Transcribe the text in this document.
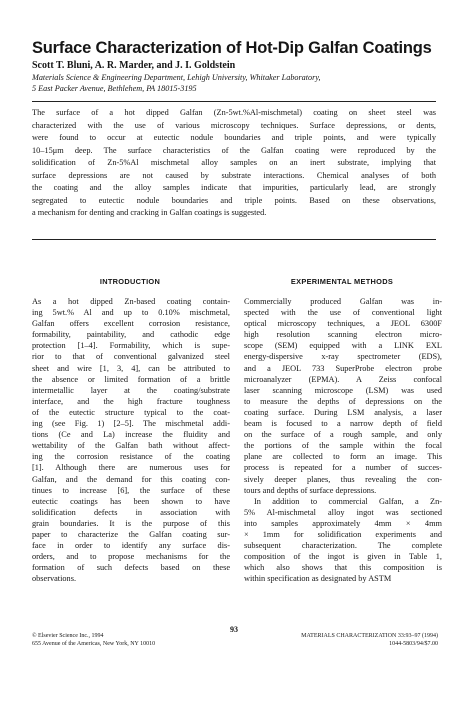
Surface Characterization of Hot-Dip Galfan Coatings
Scott T. Bluni, A. R. Marder, and J. I. Goldstein
Materials Science & Engineering Department, Lehigh University, Whitaker Laboratory,
5 East Packer Avenue, Bethlehem, PA 18015-3195
The surface of a hot dipped Galfan (Zn-5wt.%Al-mischmetal) coating on sheet steel was
characterized with the use of various microscopy techniques. Surface depressions, or dents,
were found to occur at eutectic nodule boundaries and triple points, and were typically
10–15μm deep. The surface characteristics of the Galfan coating were reproduced by the
solidification of Zn-5%Al mischmetal alloy samples on an inert substrate, implying that
surface depressions are not caused by substrate interactions. Chemical analyses of both
the coating and the alloy samples indicate that impurities, particularly lead, are strongly
segregated to eutectic nodule boundaries and triple points. Based on these observations,
a mechanism for denting and cracking in Galfan coatings is suggested.
INTRODUCTION	EXPERIMENTAL METHODS
As a hot dipped Zn-based coating contain-
ing 5wt.% Al and up to 0.10% mischmetal,
Galfan offers excellent corrosion resistance,
formability, paintability, and cathodic edge
protection [1–4]. Formability, which is supe-
rior to that of conventional galvanized steel
sheet and wire [1, 3, 4], can be attributed to
the absence or limited formation of a brittle
intermetallic layer at the coating/substrate
interface, and the high fracture toughness
of the eutectic structure typical to the coat-
ing (see Fig. 1) [2–5]. The mischmetal addi-
tions (Ce and La) increase the fluidity and
wettability of the Galfan bath without affect-
ing the corrosion resistance of the coating
[1]. Although there are numerous uses for
Galfan, and the demand for this coating con-
tinues to increase [6], the surface of these
eutectic coatings has been shown to have
solidification defects in association with
grain boundaries. It is the purpose of this
paper to characterize the Galfan coating sur-
face in order to identify any surface dis-
orders, and to propose mechanisms for the
formation of such defects based on these
observations.
Commercially produced Galfan was in-
spected with the use of conventional light
optical microscopy techniques, a JEOL 6300F
high resolution scanning electron micro-
scope (SEM) equipped with a LINK EXL
energy-dispersive x-ray spectrometer (EDS),
and a JEOL 733 SuperProbe electron probe
microanalyzer (EPMA). A Zeiss confocal
laser scanning microscope (LSM) was used
to measure the depths of depressions on the
coating surface. During LSM analysis, a laser
beam is focused to a narrow depth of field
on the surface of a rough sample, and only
the portions of the sample within the focal
plane are collected to form an image. This
process is repeated for a number of succes-
sively deeper planes, thus revealing the con-
tours and depths of surface depressions.
In addition to commercial Galfan, a Zn-
5% Al-mischmetal alloy ingot was sectioned
into samples approximately 4mm × 4mm
× 1mm for solidification experiments and
subsequent characterization. The complete
composition of the ingot is given in Table 1,
which also shows that this composition is
within specification as designated by ASTM
93
© Elsevier Science Inc., 1994
655 Avenue of the Americas, New York, NY 10010
MATERIALS CHARACTERIZATION 33:93–97 (1994)
1044-5803/94/$7.00
